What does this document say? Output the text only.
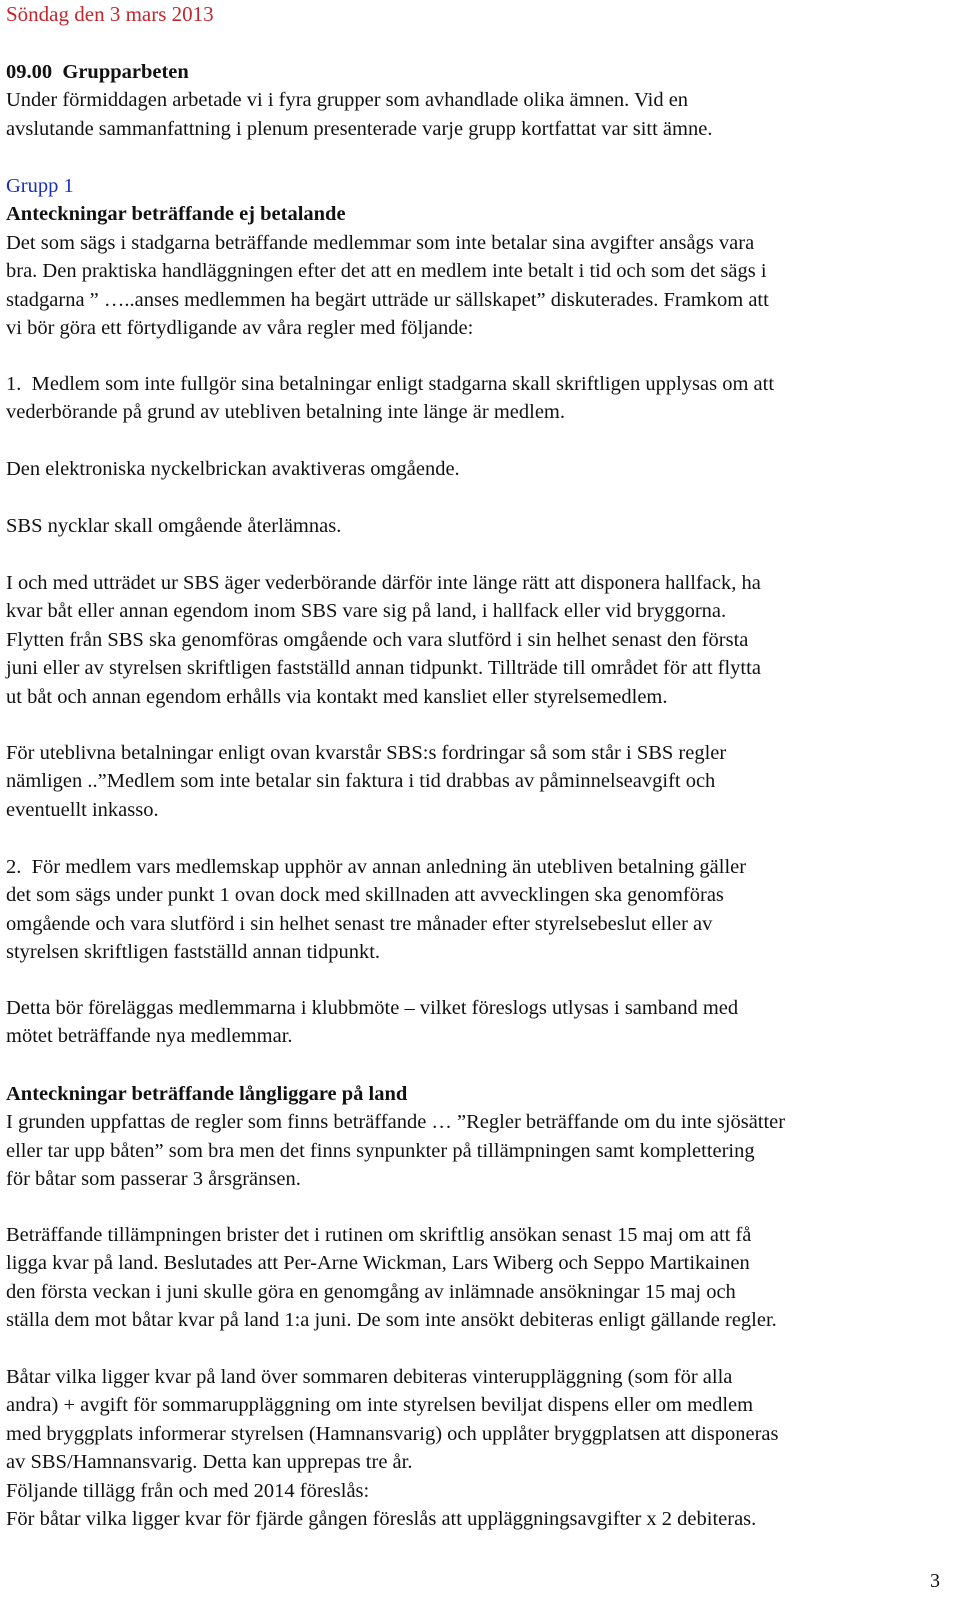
Söndag den 3 mars 2013
09.00  Grupparbeten
Under förmiddagen arbetade vi i fyra grupper som avhandlade olika ämnen. Vid en
avslutande sammanfattning i plenum presenterade varje grupp kortfattat var sitt ämne.
Grupp 1
Anteckningar beträffande ej betalande
Det som sägs i stadgarna beträffande medlemmar som inte betalar sina avgifter ansågs vara
bra. Den praktiska handläggningen efter det att en medlem inte betalt i tid och som det sägs i
stadgarna ” …..anses medlemmen ha begärt utträde ur sällskapet” diskuterades. Framkom att
vi bör göra ett förtydligande av våra regler med följande:
1.  Medlem som inte fullgör sina betalningar enligt stadgarna skall skriftligen upplysas om att
vederbörande på grund av utebliven betalning inte länge är medlem.
Den elektroniska nyckelbrickan avaktiveras omgående.
SBS nycklar skall omgående återlämnas.
I och med utträdet ur SBS äger vederbörande därför inte länge rätt att disponera hallfack, ha
kvar båt eller annan egendom inom SBS vare sig på land, i hallfack eller vid bryggorna.
Flytten från SBS ska genomföras omgående och vara slutförd i sin helhet senast den första
juni eller av styrelsen skriftligen fastställd annan tidpunkt. Tillträde till området för att flytta
ut båt och annan egendom erhålls via kontakt med kansliet eller styrelsemedlem.
För uteblivna betalningar enligt ovan kvarstår SBS:s fordringar så som står i SBS regler
nämligen ..”Medlem som inte betalar sin faktura i tid drabbas av påminnelseavgift och
eventuellt inkasso.
2.  För medlem vars medlemskap upphör av annan anledning än utebliven betalning gäller
det som sägs under punkt 1 ovan dock med skillnaden att avvecklingen ska genomföras
omgående och vara slutförd i sin helhet senast tre månader efter styrelsebeslut eller av
styrelsen skriftligen fastställd annan tidpunkt.
Detta bör föreläggas medlemmarna i klubbmöte – vilket föreslogs utlysas i samband med
mötet beträffande nya medlemmar.
Anteckningar beträffande långliggare på land
I grunden uppfattas de regler som finns beträffande … ”Regler beträffande om du inte sjösätter
eller tar upp båten” som bra men det finns synpunkter på tillämpningen samt komplettering
för båtar som passerar 3 årsgränsen.
Beträffande tillämpningen brister det i rutinen om skriftlig ansökan senast 15 maj om att få
ligga kvar på land. Beslutades att Per-Arne Wickman, Lars Wiberg och Seppo Martikainen
den första veckan i juni skulle göra en genomgång av inlämnade ansökningar 15 maj och
ställa dem mot båtar kvar på land 1:a juni. De som inte ansökt debiteras enligt gällande regler.
Båtar vilka ligger kvar på land över sommaren debiteras vinteruppläggning (som för alla
andra) + avgift för sommaruppläggning om inte styrelsen beviljat dispens eller om medlem
med bryggplats informerar styrelsen (Hamnansvarig) och upplåter bryggplatsen att disponeras
av SBS/Hamnansvarig. Detta kan upprepas tre år.
Följande tillägg från och med 2014 föreslås:
För båtar vilka ligger kvar för fjärde gången föreslås att uppläggningsavgifter x 2 debiteras.
3
